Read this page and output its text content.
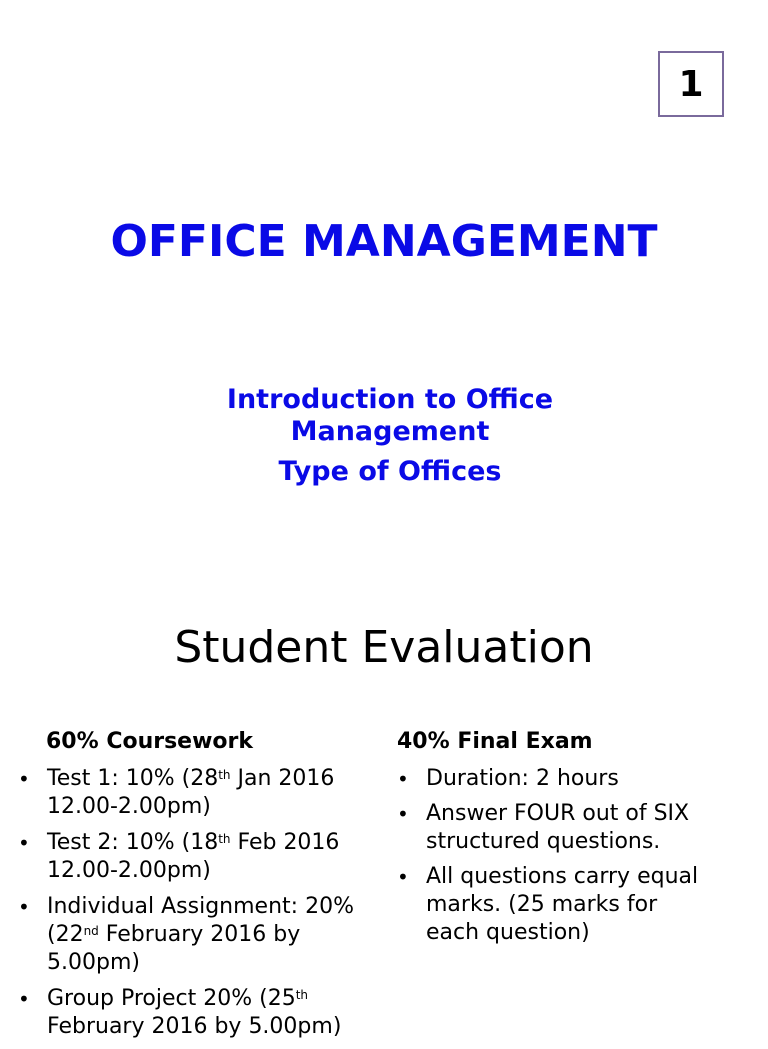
1
OFFICE MANAGEMENT
Introduction to Office Management
Type of Offices
Student Evaluation
60% Coursework
• Test 1: 10% (28th Jan 2016 12.00-2.00pm)
• Test 2: 10% (18th Feb 2016 12.00-2.00pm)
• Individual Assignment: 20% (22nd February 2016 by 5.00pm)
• Group Project 20% (25th February 2016 by 5.00pm)
40% Final Exam
• Duration: 2 hours
• Answer FOUR out of SIX structured questions.
• All questions carry equal marks. (25 marks for each question)
